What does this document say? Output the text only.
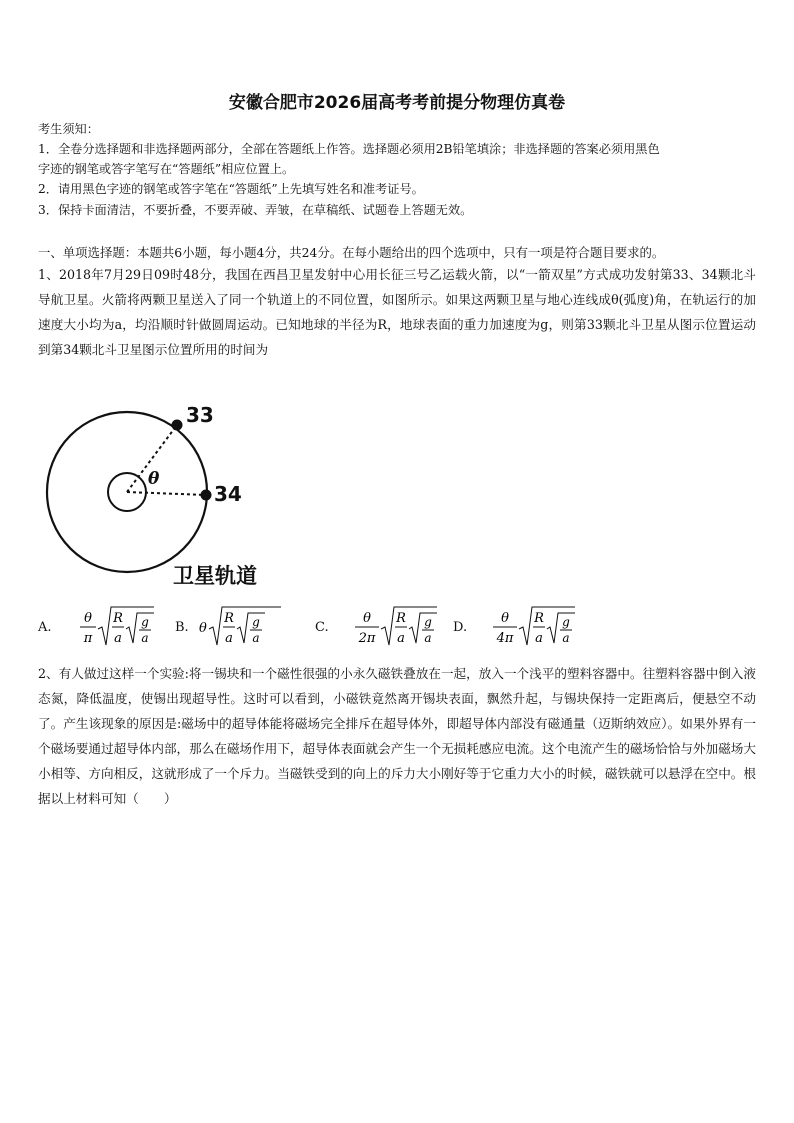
安徽合肥市2026届高考考前提分物理仿真卷
考生须知：
1．全卷分选择题和非选择题两部分，全部在答题纸上作答。选择题必须用2B铅笔填涂；非选择题的答案必须用黑色
字迹的钢笔或答字笔写在“答题纸”相应位置上。
2．请用黑色字迹的钢笔或答字笔在“答题纸”上先填写姓名和准考证号。
3．保持卡面清洁，不要折叠，不要弄破、弄皱，在草稿纸、试题卷上答题无效。
一、单项选择题：本题共6小题，每小题4分，共24分。在每小题给出的四个选项中，只有一项是符合题目要求的。
1、2018年7月29日09时48分，我国在西昌卫星发射中心用长征三号乙运载火箭，以“一箭双星”方式成功发射第33、34颗北斗导航卫星。火箭将两颗卫星送入了同一个轨道上的不同位置，如图所示。如果这两颗卫星与地心连线成θ(弧度)角，在轨运行的加速度大小均为a，均沿顺时针做圆周运动。已知地球的半径为R，地球表面的重力加速度为g，则第33颗北斗卫星从图示位置运动到第34颗北斗卫星图示位置所用的时间为
33
34
θ
卫星轨道
A.
θ
π
R
a
g
a
B. θ
R
a
g
a
C.
θ
2π
R
a
g
a
D.
θ
4π
R
a
g
a
2、有人做过这样一个实验:将一锡块和一个磁性很强的小永久磁铁叠放在一起，放入一个浅平的塑料容器中。往塑料容器中倒入液态氮，降低温度，使锡出现超导性。这时可以看到，小磁铁竟然离开锡块表面，飘然升起，与锡块保持一定距离后，便悬空不动了。产生该现象的原因是:磁场中的超导体能将磁场完全排斥在超导体外，即超导体内部没有磁通量（迈斯纳效应）。如果外界有一个磁场要通过超导体内部，那么在磁场作用下，超导体表面就会产生一个无损耗感应电流。这个电流产生的磁场恰恰与外加磁场大小相等、方向相反，这就形成了一个斥力。当磁铁受到的向上的斥力大小刚好等于它重力大小的时候，磁铁就可以悬浮在空中。根据以上材料可知（　　）
